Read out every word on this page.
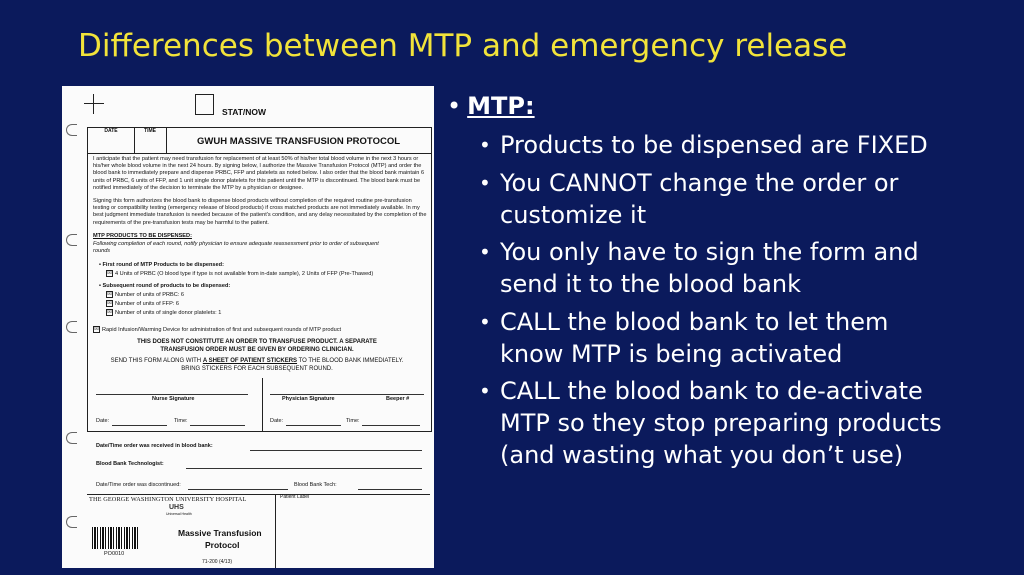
Differences between MTP and emergency release
STAT/NOW
DATE	TIME
GWUH MASSIVE TRANSFUSION PROTOCOL
I anticipate that the patient may need transfusion for replacement of at least 50% of his/her total blood volume in the next 3 hours or his/her whole blood volume in the next 24 hours. By signing below, I authorize the Massive Transfusion Protocol (MTP) and order the blood bank to immediately prepare and dispense PRBC, FFP and platelets as noted below. I also order that the blood bank maintain 6 units of PRBC, 6 units of FFP, and 1 unit single donor platelets for this patient until the MTP is discontinued. The blood bank must be notified immediately of the decision to terminate the MTP by a physician or designee.
Signing this form authorizes the blood bank to dispense blood products without completion of the required routine pre-transfusion testing or compatibility testing (emergency release of blood products) if cross matched products are not immediately available. In my best judgment immediate transfusion is needed because of the patient's condition, and any delay necessitated by the completion of the requirements of the pre-transfusion tests may be harmful to the patient.
MTP PRODUCTS TO BE DISPENSED:
Following completion of each round, notify physician to ensure adequate reassessment prior to order of subsequent rounds
• First round of MTP Products to be dispensed:
☒ 4 Units of PRBC (O blood type if type is not available from in-date sample), 2 Units of FFP (Pre-Thawed)
• Subsequent round of products to be dispensed:
☒ Number of units of PRBC: 6
☒ Number of units of FFP: 6
☒ Number of units of single donor platelets: 1
☒ Rapid Infusion/Warming Device for administration of first and subsequent rounds of MTP product
THIS DOES NOT CONSTITUTE AN ORDER TO TRANSFUSE PRODUCT. A SEPARATE TRANSFUSION ORDER MUST BE GIVEN BY ORDERING CLINICIAN.
SEND THIS FORM ALONG WITH A SHEET OF PATIENT STICKERS TO THE BLOOD BANK IMMEDIATELY. BRING STICKERS FOR EACH SUBSEQUENT ROUND.
Nurse Signature	Physician Signature	Beeper #
Date:	Time:	Date:	Time:
Date/Time order was received in blood bank:
Blood Bank Technologist:
Date/Time order was discontinued:	Blood Bank Tech:
THE GEORGE WASHINGTON UNIVERSITY HOSPITAL
UHS
Universal Health
Patient Label
PO0010
Massive Transfusion
Protocol
71-200 (4/13)
• MTP:
• Products to be dispensed are FIXED
• You CANNOT change the order or customize it
• You only have to sign the form and send it to the blood bank
• CALL the blood bank to let them know MTP is being activated
• CALL the blood bank to de-activate MTP so they stop preparing products (and wasting what you don’t use)
